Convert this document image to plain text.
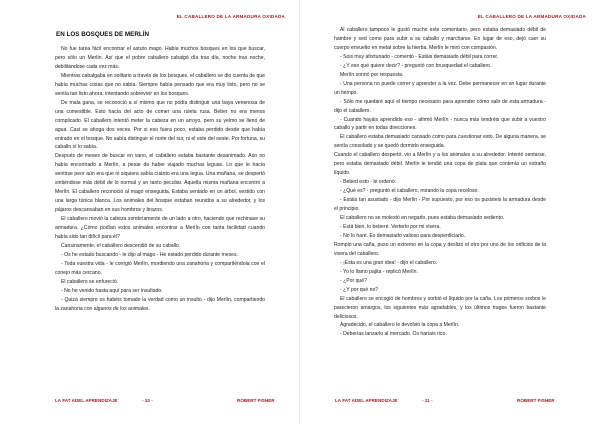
EL CABALLERO DE LA ARMADURA OXIDADA
EN LOS BOSQUES DE MERLÍN

No fue tarea fácil encontrar el astuto mago. Había muchos bosques en los que buscar, pero sólo un Merlín. Así que el pobre caballero cabalgó día tras día, noche tras noche, debilitándose cada vez más.

Mientras cabalgaba en solitario a través de los bosques, el caballero se dio cuenta de que había muchas cosas que no sabía. Siempre había pensado que era muy listo, pero no se sentía tan listo ahora, intentando sobrevivir en los bosques.

De mala gana, se reconoció a sí mismo que no podía distinguir una baya venenosa de una comestible. Esto hacía del acto de comer una ruleta rusa. Beber no era menos complicado. El caballero intentó meter la cabeza en un arroyo, pero su yelmo se llenó de agua. Casi se ahoga dos veces. Por si eso fuera poco, estaba perdido desde que había entrado en el bosque. No sabía distinguir el norte del sur, ni el este del oeste. Por fortuna, su caballo sí lo sabía.

Después de meses de buscar en vano, el caballero estaba bastante desanimado. Aún no había encontrado a Merlín, a pesar de haber viajado muchas leguas. Lo que le hacía sentirse peor aún era que ni siquiera sabía cuánto era una legua. Una mañana, se despertó sintiéndose más débil de lo normal y un tanto peculiar. Aquella misma mañana encontró a Merlín. El caballero reconoció al mago enseguida. Estaba sentado en un árbol, vestido con una larga túnica blanca. Los animales del bosque estaban reunidos a su alrededor, y los pájaros descansaban en sus hombros y brazos.

El caballero movió la cabeza sombríamente de un lado a otro, haciendo que rechinase su armadura. ¿Cómo podían estos animales encontrar a Merlín con tanta facilidad cuando había sido tan difícil para él?

Cansinamente, el caballero descendió de su caballo.

- Os he estado buscando - le dijo al mago - He estado perdido durante meses.

- Toda vuestra vida - le corrigió Merlín, mordiendo una zanahoria y compartiéndola con el conejo más cercano.

El caballero se enfureció.

- No he venido hasta aquí para ser insultado.

- Quizá siempre os habéis tomado la verdad como un insulto - dijo Merlín, compartiendo la zanahoria con algunos de los animales.

LA FAT ADEL APRENDIZAJE	- 10 -	ROBERT FISHER
EL CABALLERO DE LA ARMADURA OXIDADA

Al caballero tampoco le gustó mucho este comentario, pero estaba demasiado débil de hambre y sed como para subir a su caballo y marcharse. En lugar de eso, dejó caer su cuerpo envuelto en metal sobre la hierba. Merlín le miró con compasión.

- Sois muy afortunado - comentó - Estáis demasiado débil para correr.

- ¿Y eso qué quiere decir? - preguntó con brusquedad el caballero.

Merlín sonrió por respuesta.

- Una persona no puede correr y aprender a la vez. Debe permanecer en un lugar durante un tiempo.

- Sólo me quedaré aquí el tiempo necesario para aprender cómo salir de esta armadura - dijo el caballero.

- Cuando hayáis aprendido eso - afirmó Merlín - nunca más tendréis que subir a vuestro caballo y partir en todas direcciones.

El caballero estaba demasiado cansado como para cuestionar esto. De alguna manera, se sentía consolado y se quedó dormido enseguida.

Cuando el caballero despertó, vio a Merlín y a los animales a su alrededor. Intentó sentarse, pero estaba demasiado débil. Merlín le tendió una copa de plata que contenía un extraño líquido.

- Bebed esto - le ordenó.

- ¿Qué es? - preguntó el caballero, mirando la copa receloso.

- Estáis tan asustado - dijo Merlín - Por supuesto, por eso os pusisteis la armadura desde el principio.

El caballero no se molestó en negarlo, pues estaba demasiado sediento.

- Está bien, lo beberé. Verterlo por mi visera.

- No lo haré. Es demasiado valioso para desperdiciarlo.

Rompió una caña, puso un extremo en la copa y deslizó el otro por uno de los orificios de la visera del caballero.

- ¡Ésta es una gran idea! - dijo el caballero.

- Yo lo llamo pajita - replicó Merlín.

- ¿Por qué?

- ¿Y por qué no?

El caballero se encogió de hombros y sorbió el líquido por la caña. Los primeros sorbos le parecieron amargos, los siguientes más agradables, y los últimos tragos fueron bastante deliciosos.

Agradecido, el caballero le devolvió la copa a Merlín.

- Deberías lanzarlo al mercado. Os haríais rico.

LA FAT ADEL APRENDIZAJE	- 11 -	ROBERT FISHER
